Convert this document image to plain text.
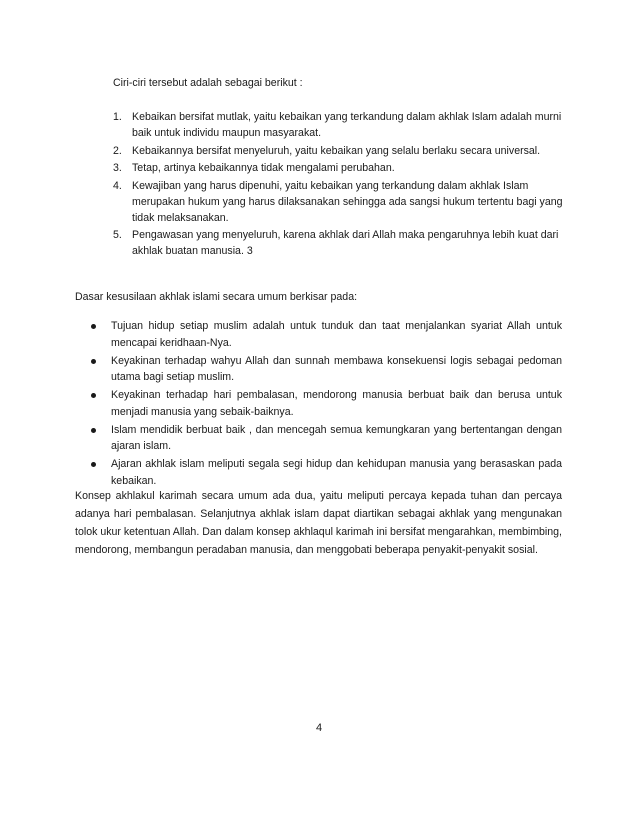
Ciri-ciri tersebut adalah sebagai berikut :

1. Kebaikan bersifat mutlak, yaitu kebaikan yang terkandung dalam akhlak Islam adalah murni baik untuk individu maupun masyarakat.
2. Kebaikannya bersifat menyeluruh, yaitu kebaikan yang selalu berlaku secara universal.
3. Tetap, artinya kebaikannya tidak mengalami perubahan.
4. Kewajiban yang harus dipenuhi, yaitu kebaikan yang terkandung dalam akhlak Islam merupakan hukum yang harus dilaksanakan sehingga ada sangsi hukum tertentu bagi yang tidak melaksanakan.
5. Pengawasan yang menyeluruh, karena akhlak dari Allah maka pengaruhnya lebih kuat dari akhlak buatan manusia. 3

Dasar kesusilaan akhlak islami secara umum berkisar pada:

Tujuan hidup setiap muslim adalah untuk tunduk dan taat menjalankan syariat Allah untuk mencapai keridhaan-Nya.
Keyakinan terhadap wahyu Allah dan sunnah membawa konsekuensi logis sebagai pedoman utama bagi setiap muslim.
Keyakinan terhadap hari pembalasan, mendorong manusia berbuat baik dan berusa untuk menjadi manusia yang sebaik-baiknya.
Islam mendidik berbuat baik , dan mencegah semua kemungkaran yang bertentangan dengan ajaran islam.
Ajaran akhlak islam meliputi segala segi hidup dan kehidupan manusia yang berasaskan pada kebaikan.

Konsep akhlakul karimah secara umum ada dua, yaitu meliputi percaya kepada tuhan dan percaya adanya hari pembalasan. Selanjutnya akhlak islam dapat diartikan sebagai akhlak yang mengunakan tolok ukur ketentuan Allah. Dan dalam konsep akhlaqul karimah ini bersifat mengarahkan, membimbing, mendorong, membangun peradaban manusia, dan menggobati beberapa penyakit-penyakit sosial.

4
